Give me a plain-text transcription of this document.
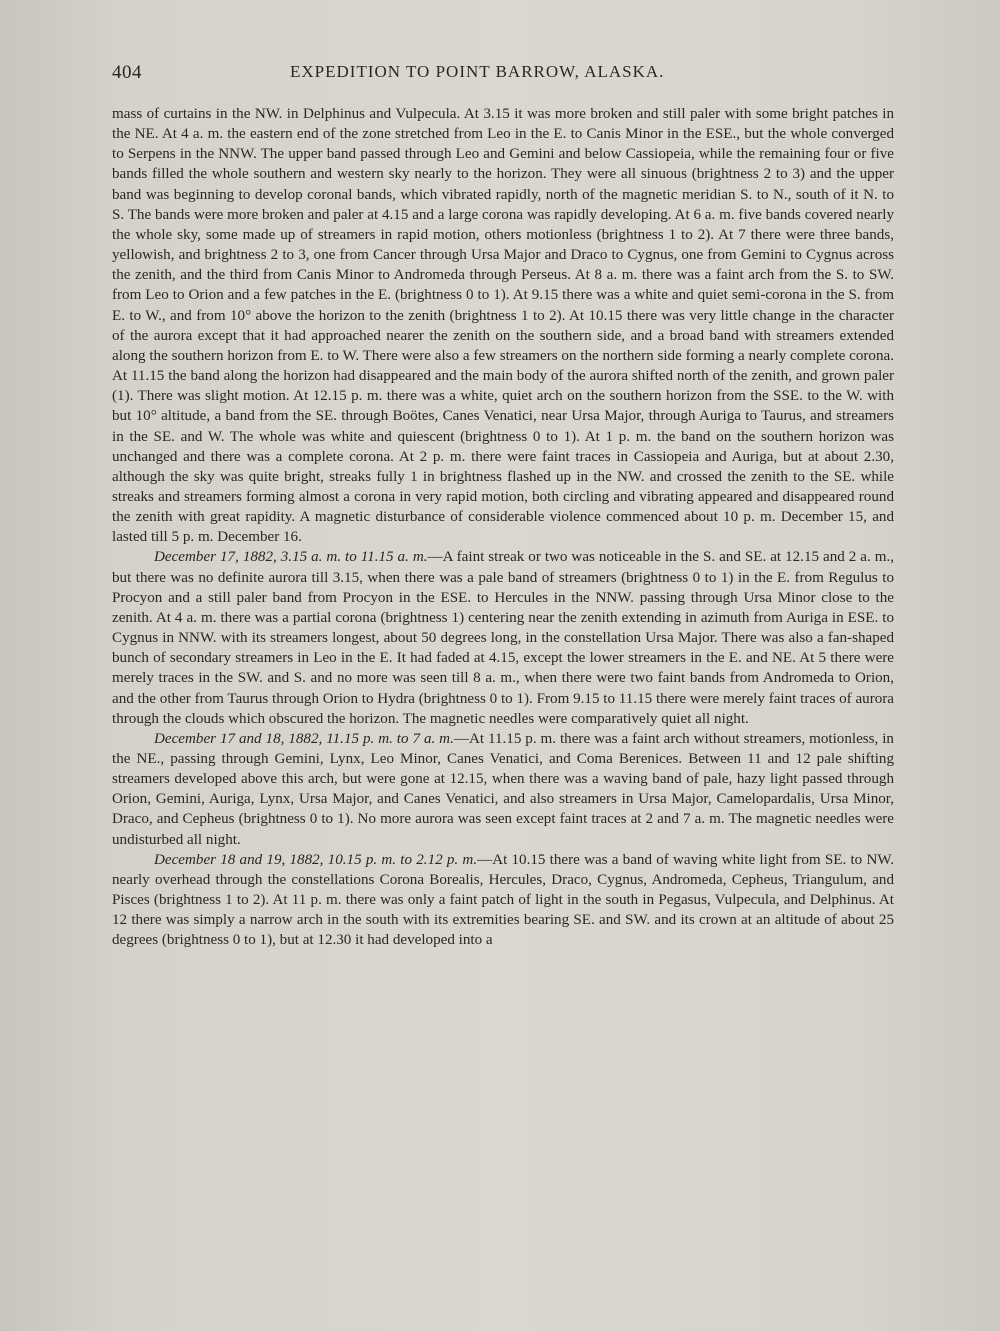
404	EXPEDITION TO POINT BARROW, ALASKA.

mass of curtains in the NW. in Delphinus and Vulpecula. At 3.15 it was more broken and still paler with some bright patches in the NE. At 4 a. m. the eastern end of the zone stretched from Leo in the E. to Canis Minor in the ESE., but the whole converged to Serpens in the NNW. The upper band passed through Leo and Gemini and below Cassiopeia, while the remaining four or five bands filled the whole southern and western sky nearly to the horizon. They were all sinuous (brightness 2 to 3) and the upper band was beginning to develop coronal bands, which vibrated rapidly, north of the magnetic meridian S. to N., south of it N. to S. The bands were more broken and paler at 4.15 and a large corona was rapidly developing. At 6 a. m. five bands covered nearly the whole sky, some made up of streamers in rapid motion, others motionless (brightness 1 to 2). At 7 there were three bands, yellowish, and brightness 2 to 3, one from Cancer through Ursa Major and Draco to Cygnus, one from Gemini to Cygnus across the zenith, and the third from Canis Minor to Andromeda through Perseus. At 8 a. m. there was a faint arch from the S. to SW. from Leo to Orion and a few patches in the E. (brightness 0 to 1). At 9.15 there was a white and quiet semi-corona in the S. from E. to W., and from 10° above the horizon to the zenith (brightness 1 to 2). At 10.15 there was very little change in the character of the aurora except that it had approached nearer the zenith on the southern side, and a broad band with streamers extended along the southern horizon from E. to W. There were also a few streamers on the northern side forming a nearly complete corona. At 11.15 the band along the horizon had disappeared and the main body of the aurora shifted north of the zenith, and grown paler (1). There was slight motion. At 12.15 p. m. there was a white, quiet arch on the southern horizon from the SSE. to the W. with but 10° altitude, a band from the SE. through Boötes, Canes Venatici, near Ursa Major, through Auriga to Taurus, and streamers in the SE. and W. The whole was white and quiescent (brightness 0 to 1). At 1 p. m. the band on the southern horizon was unchanged and there was a complete corona. At 2 p. m. there were faint traces in Cassiopeia and Auriga, but at about 2.30, although the sky was quite bright, streaks fully 1 in brightness flashed up in the NW. and crossed the zenith to the SE. while streaks and streamers forming almost a corona in very rapid motion, both circling and vibrating appeared and disappeared round the zenith with great rapidity. A magnetic disturbance of considerable violence commenced about 10 p. m. December 15, and lasted till 5 p. m. December 16.

December 17, 1882, 3.15 a. m. to 11.15 a. m.—A faint streak or two was noticeable in the S. and SE. at 12.15 and 2 a. m., but there was no definite aurora till 3.15, when there was a pale band of streamers (brightness 0 to 1) in the E. from Regulus to Procyon and a still paler band from Procyon in the ESE. to Hercules in the NNW. passing through Ursa Minor close to the zenith. At 4 a. m. there was a partial corona (brightness 1) centering near the zenith extending in azimuth from Auriga in ESE. to Cygnus in NNW. with its streamers longest, about 50 degrees long, in the constellation Ursa Major. There was also a fan-shaped bunch of secondary streamers in Leo in the E. It had faded at 4.15, except the lower streamers in the E. and NE. At 5 there were merely traces in the SW. and S. and no more was seen till 8 a. m., when there were two faint bands from Andromeda to Orion, and the other from Taurus through Orion to Hydra (brightness 0 to 1). From 9.15 to 11.15 there were merely faint traces of aurora through the clouds which obscured the horizon. The magnetic needles were comparatively quiet all night.

December 17 and 18, 1882, 11.15 p. m. to 7 a. m.—At 11.15 p. m. there was a faint arch without streamers, motionless, in the NE., passing through Gemini, Lynx, Leo Minor, Canes Venatici, and Coma Berenices. Between 11 and 12 pale shifting streamers developed above this arch, but were gone at 12.15, when there was a waving band of pale, hazy light passed through Orion, Gemini, Auriga, Lynx, Ursa Major, and Canes Venatici, and also streamers in Ursa Major, Camelopardalis, Ursa Minor, Draco, and Cepheus (brightness 0 to 1). No more aurora was seen except faint traces at 2 and 7 a. m. The magnetic needles were undisturbed all night.

December 18 and 19, 1882, 10.15 p. m. to 2.12 p. m.—At 10.15 there was a band of waving white light from SE. to NW. nearly overhead through the constellations Corona Borealis, Hercules, Draco, Cygnus, Andromeda, Cepheus, Triangulum, and Pisces (brightness 1 to 2). At 11 p. m. there was only a faint patch of light in the south in Pegasus, Vulpecula, and Delphinus. At 12 there was simply a narrow arch in the south with its extremities bearing SE. and SW. and its crown at an altitude of about 25 degrees (brightness 0 to 1), but at 12.30 it had developed into a
